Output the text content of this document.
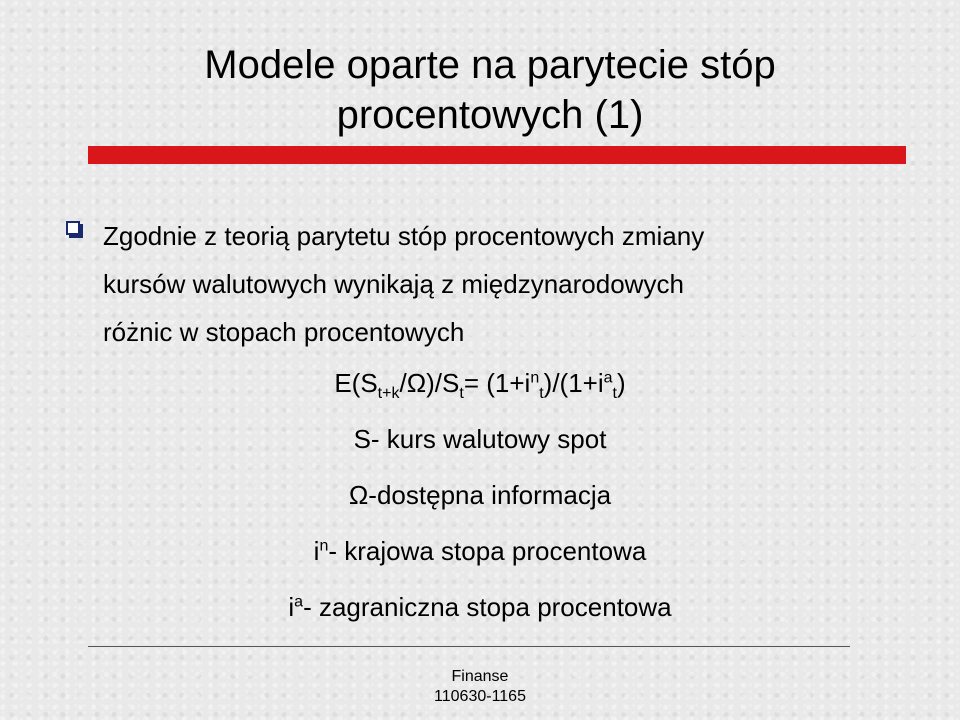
Modele oparte na parytecie stóp
procentowych (1)

Zgodnie z teorią parytetu stóp procentowych zmiany
kursów walutowych wynikają z międzynarodowych
różnic w stopach procentowych

$E(S_{t+k}/\Omega)/S_t= (1+i^n_t)/(1+i^a_t)$

S- kurs walutowy spot

Ω-dostępna informacja

$i^n-$ krajowa stopa procentowa

$i^a-$ zagraniczna stopa procentowa

Finanse

110630-1165
